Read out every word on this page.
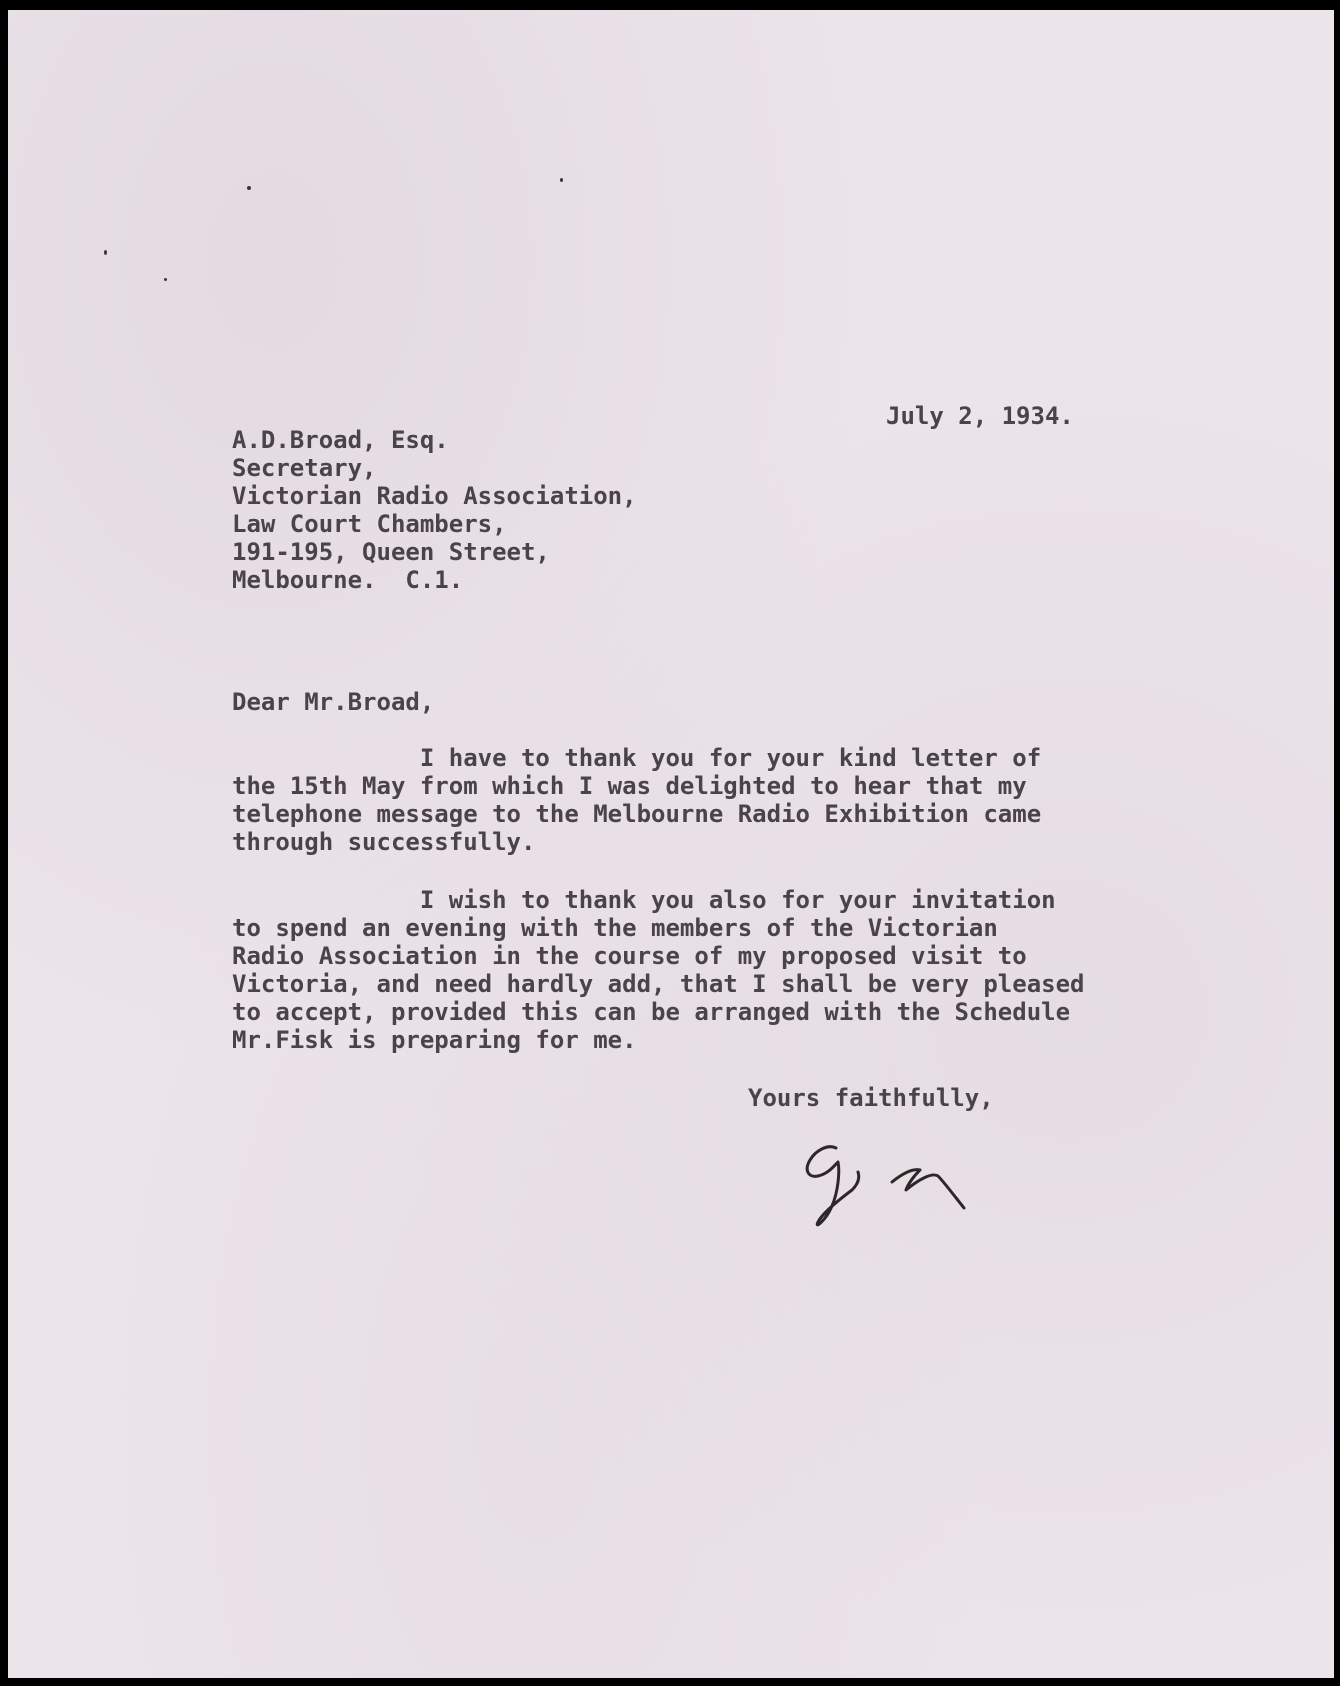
July 2, 1934.

A.D.Broad, Esq.
Secretary,
Victorian Radio Association,
Law Court Chambers,
191-195, Queen Street,
Melbourne.  C.1.

Dear Mr.Broad,

I have to thank you for your kind letter of
the 15th May from which I was delighted to hear that my
telephone message to the Melbourne Radio Exhibition came
through successfully.
I wish to thank you also for your invitation
to spend an evening with the members of the Victorian
Radio Association in the course of my proposed visit to
Victoria, and need hardly add, that I shall be very pleased
to accept, provided this can be arranged with the Schedule
Mr.Fisk is preparing for me.

Yours faithfully,
